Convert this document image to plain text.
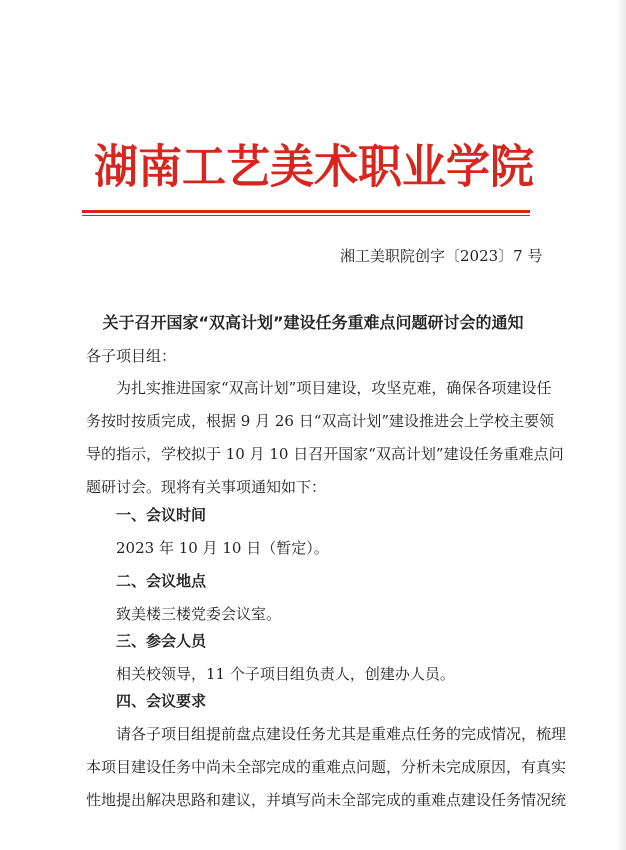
湖南工艺美术职业学院
湘工美职院创字〔2023〕7 号
关于召开国家“双高计划”建设任务重难点问题研讨会的通知
各子项目组：
为扎实推进国家“双高计划”项目建设，攻坚克难，确保各项建设任
务按时按质完成，根据 9 月 26 日“双高计划”建设推进会上学校主要领
导的指示，学校拟于 10 月 10 日召开国家“双高计划”建设任务重难点问
题研讨会。现将有关事项通知如下：
一、会议时间
2023 年 10 月 10 日（暂定）。
二、会议地点
致美楼三楼党委会议室。
三、参会人员
相关校领导，11 个子项目组负责人，创建办人员。
四、会议要求
请各子项目组提前盘点建设任务尤其是重难点任务的完成情况，梳理
本项目建设任务中尚未全部完成的重难点问题，分析未完成原因，有真实
性地提出解决思路和建议，并填写尚未全部完成的重难点建设任务情况统
